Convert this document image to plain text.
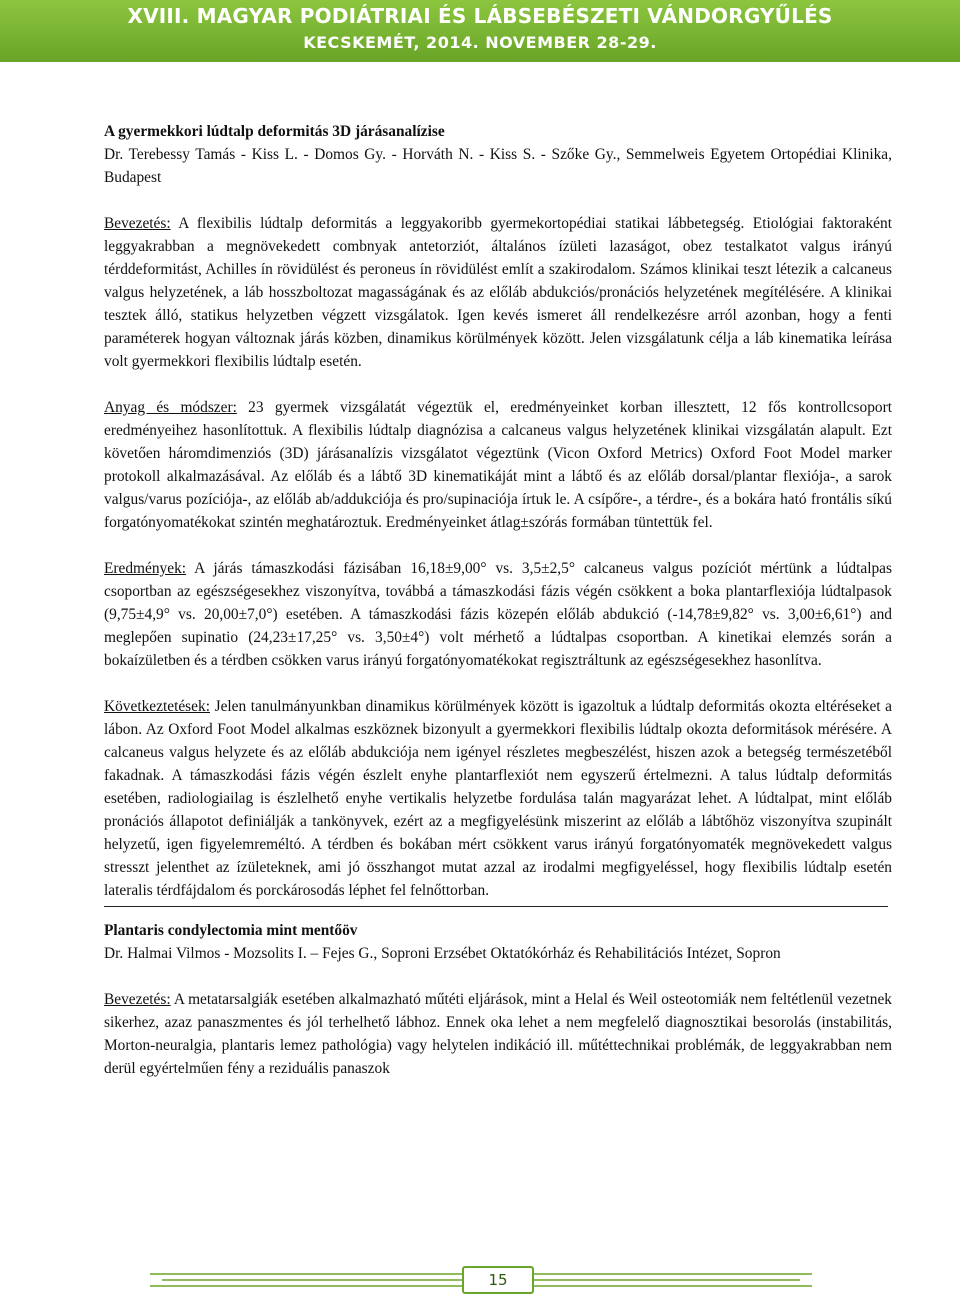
XVIII. MAGYAR PODIÁTRIAI ÉS LÁBSEBÉSZETI VÁNDORGYŰLÉS
KECSKEMÉT, 2014. NOVEMBER 28-29.

A gyermekkori lúdtalp deformitás 3D járásanalízise

Dr. Terebessy Tamás - Kiss L. - Domos Gy. - Horváth N. - Kiss S. - Szőke Gy., Semmelweis Egyetem Ortopédiai Klinika, Budapest

Bevezetés: A flexibilis lúdtalp deformitás a leggyakoribb gyermekortopédiai statikai lábbetegség. Etiológiai faktoraként leggyakrabban a megnövekedett combnyak antetorziót, általános ízületi lazaságot, obez testalkatot valgus irányú térddeformitást, Achilles ín rövidülést és peroneus ín rövidülést említ a szakirodalom. Számos klinikai teszt létezik a calcaneus valgus helyzetének, a láb hosszboltozat magasságának és az előláb abdukciós/pronációs helyzetének megítélésére. A klinikai tesztek álló, statikus helyzetben végzett vizsgálatok. Igen kevés ismeret áll rendelkezésre arról azonban, hogy a fenti paraméterek hogyan változnak járás közben, dinamikus körülmények között. Jelen vizsgálatunk célja a láb kinematika leírása volt gyermekkori flexibilis lúdtalp esetén.

Anyag és módszer: 23 gyermek vizsgálatát végeztük el, eredményeinket korban illesztett, 12 fős kontrollcsoport eredményeihez hasonlítottuk. A flexibilis lúdtalp diagnózisa a calcaneus valgus helyzetének klinikai vizsgálatán alapult. Ezt követően háromdimenziós (3D) járásanalízis vizsgálatot végeztünk (Vicon Oxford Metrics) Oxford Foot Model marker protokoll alkalmazásával. Az előláb és a lábtő 3D kinematikáját mint a lábtő és az előláb dorsal/plantar flexiója-, a sarok valgus/varus pozíciója-, az előláb ab/addukciója és pro/supinaciója írtuk le. A csípőre-, a térdre-, és a bokára ható frontális síkú forgatónyomatékokat szintén meghatároztuk. Eredményeinket átlag±szórás formában tüntettük fel.

Eredmények: A járás támaszkodási fázisában 16,18±9,00° vs. 3,5±2,5° calcaneus valgus pozíciót mértünk a lúdtalpas csoportban az egészségesekhez viszonyítva, továbbá a támaszkodási fázis végén csökkent a boka plantarflexiója lúdtalpasok (9,75±4,9° vs. 20,00±7,0°) esetében. A támaszkodási fázis közepén előláb abdukció (-14,78±9,82° vs. 3,00±6,61°) and meglepően supinatio (24,23±17,25° vs. 3,50±4°) volt mérhető a lúdtalpas csoportban. A kinetikai elemzés során a bokaízületben és a térdben csökken varus irányú forgatónyomatékokat regisztráltunk az egészségesekhez hasonlítva.

Következtetések: Jelen tanulmányunkban dinamikus körülmények között is igazoltuk a lúdtalp deformitás okozta eltéréseket a lábon. Az Oxford Foot Model alkalmas eszköznek bizonyult a gyermekkori flexibilis lúdtalp okozta deformitások mérésére. A calcaneus valgus helyzete és az előláb abdukciója nem igényel részletes megbeszélést, hiszen azok a betegség természetéből fakadnak. A támaszkodási fázis végén észlelt enyhe plantarflexiót nem egyszerű értelmezni. A talus lúdtalp deformitás esetében, radiologiailag is észlelhető enyhe vertikalis helyzetbe fordulása talán magyarázat lehet. A lúdtalpat, mint előláb pronációs állapotot definiálják a tankönyvek, ezért az a megfigyelésünk miszerint az előláb a lábtőhöz viszonyítva szupinált helyzetű, igen figyelemreméltó. A térdben és bokában mért csökkent varus irányú forgatónyomaték megnövekedett valgus stresszt jelenthet az ízületeknek, ami jó összhangot mutat azzal az irodalmi megfigyeléssel, hogy flexibilis lúdtalp esetén lateralis térdfájdalom és porckárosodás léphet fel felnőttorban.

Plantaris condylectomia mint mentőöv

Dr. Halmai Vilmos - Mozsolits I. – Fejes G., Soproni Erzsébet Oktatókórház és Rehabilitációs Intézet, Sopron

Bevezetés: A metatarsalgiák esetében alkalmazható műtéti eljárások, mint a Helal és Weil osteotomiák nem feltétlenül vezetnek sikerhez, azaz panaszmentes és jól terhelhető lábhoz. Ennek oka lehet a nem megfelelő diagnosztikai besorolás (instabilitás, Morton-neuralgia, plantaris lemez pathológia) vagy helytelen indikáció ill. műtéttechnikai problémák, de leggyakrabban nem derül egyértelműen fény a reziduális panaszok

15
